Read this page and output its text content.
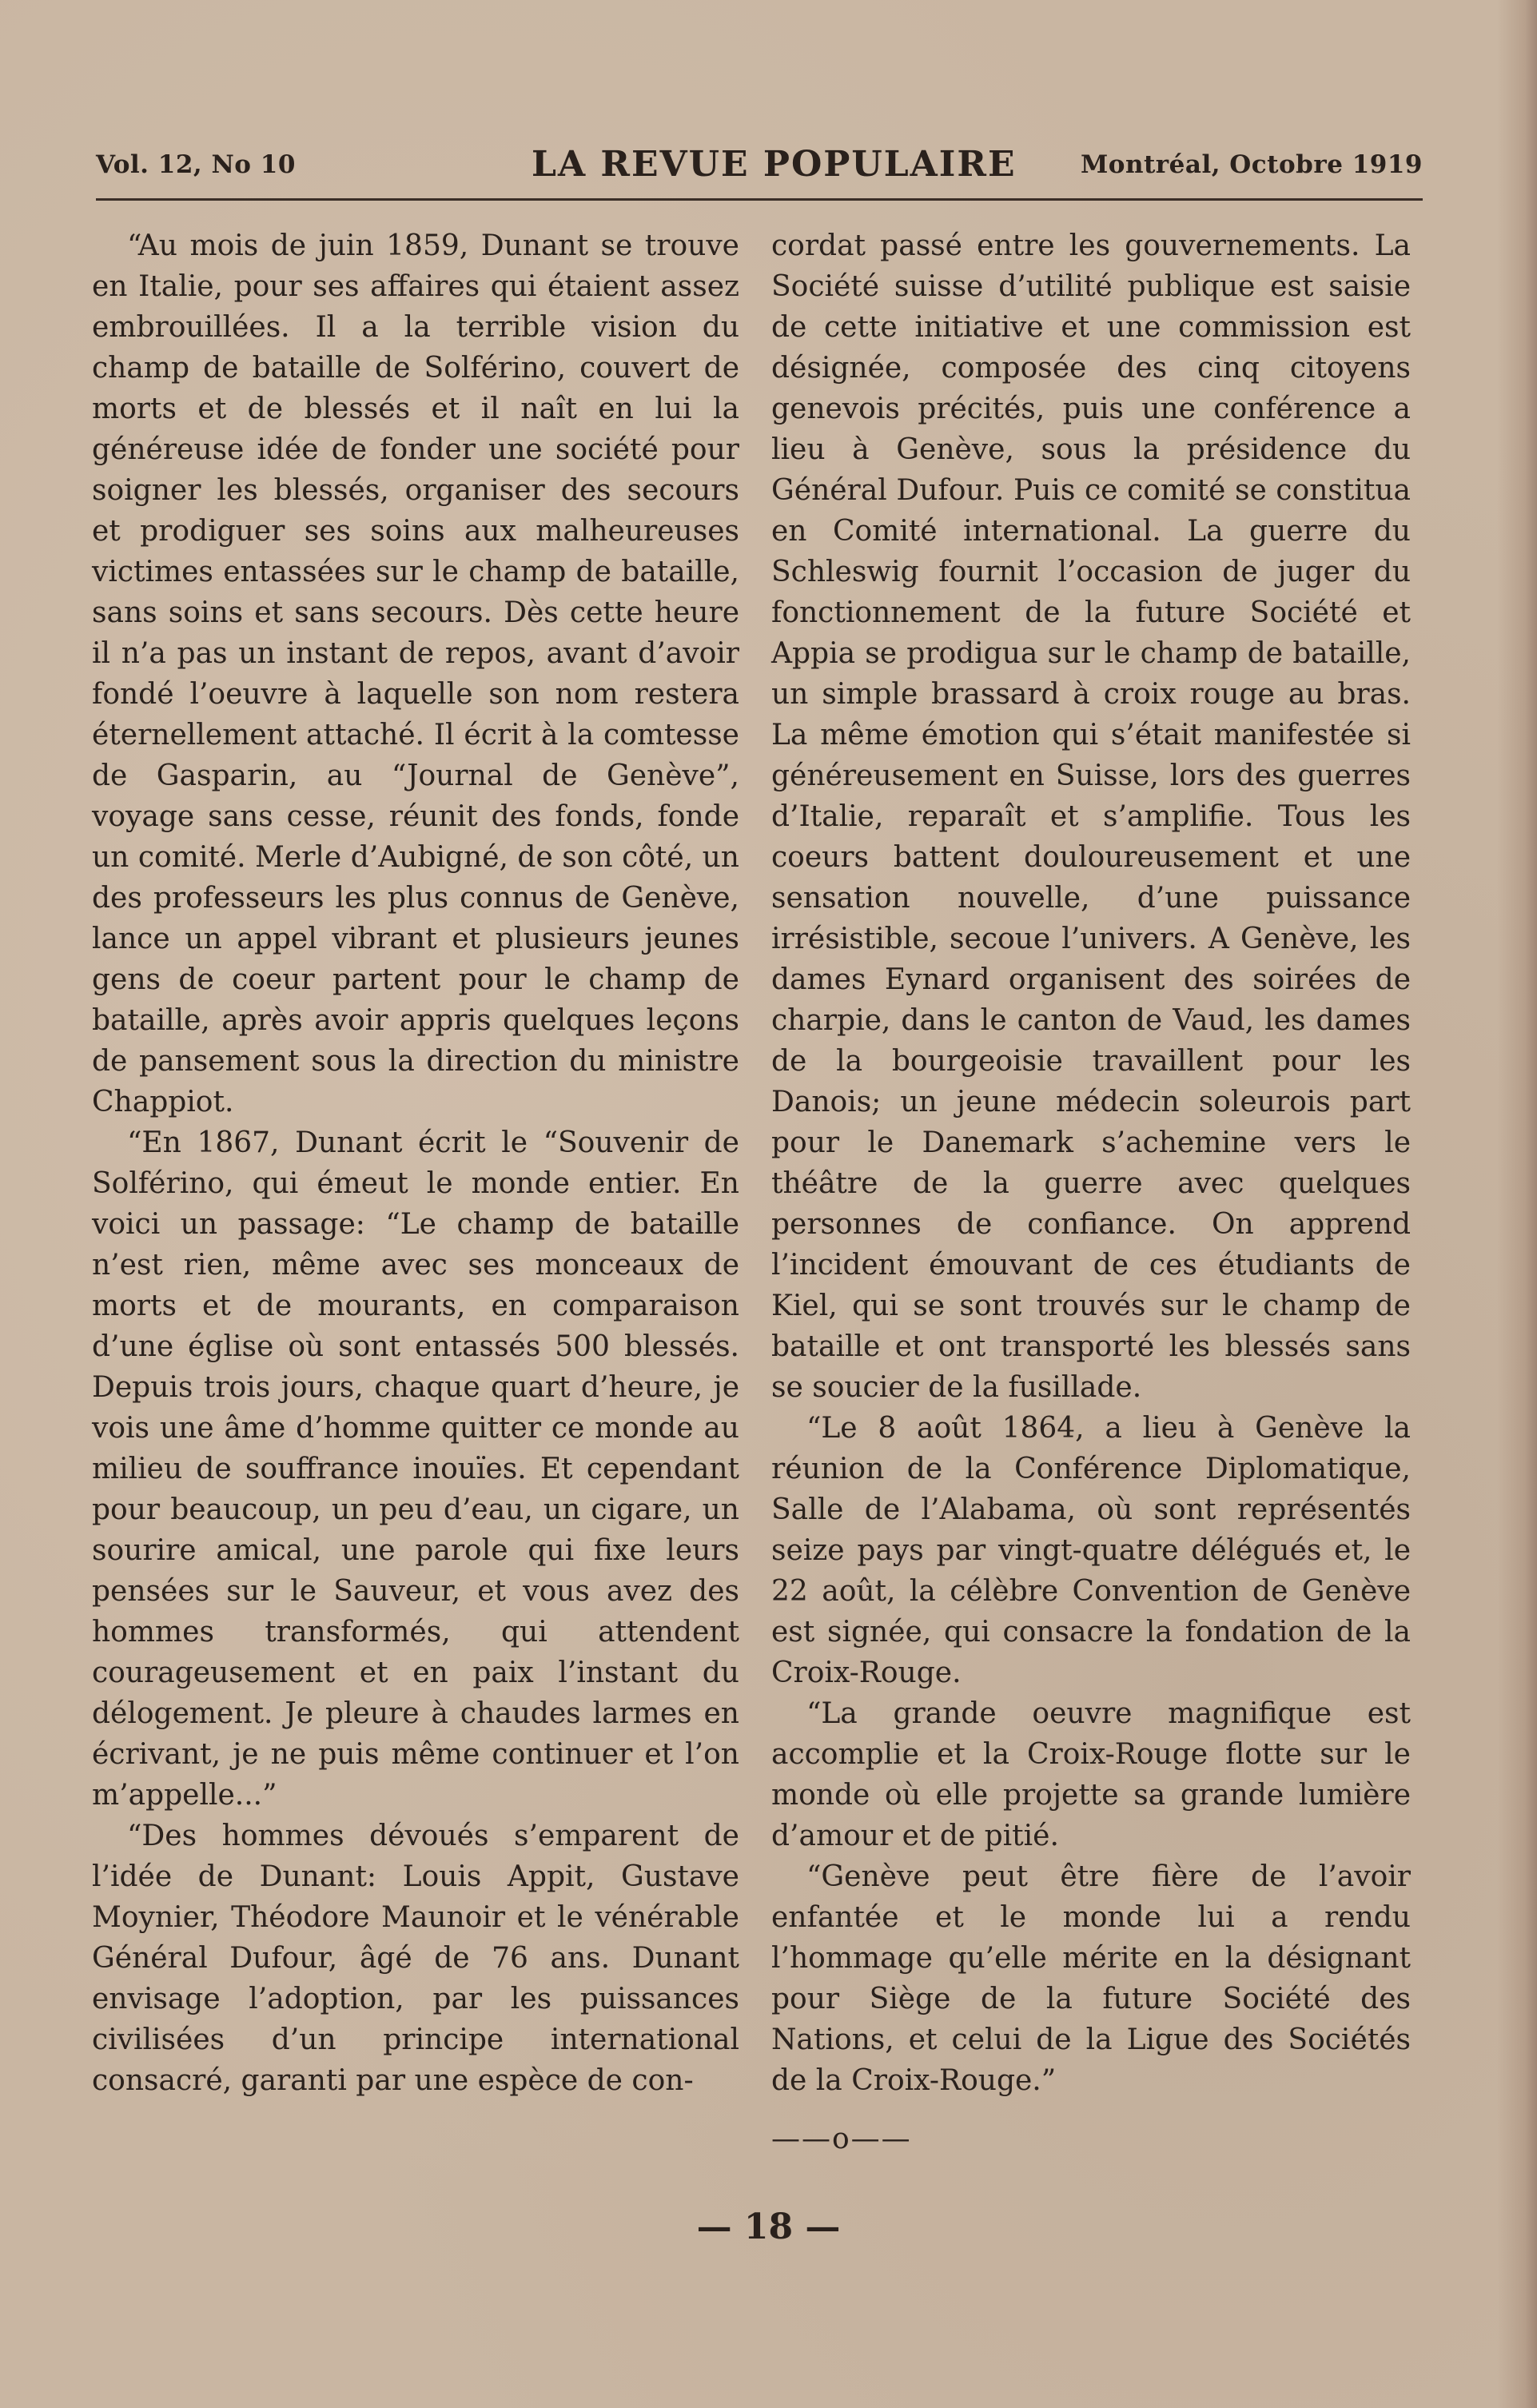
Vol. 12, No 10	LA REVUE POPULAIRE	Montréal, Octobre 1919

“Au mois de juin 1859, Dunant se trouve en Italie, pour ses affaires qui étaient assez embrouillées. Il a la terrible vision du champ de bataille de Solférino, couvert de morts et de blessés et il naît en lui la généreuse idée de fonder une société pour soigner les blessés, organiser des secours et prodiguer ses soins aux malheureuses victimes entassées sur le champ de bataille, sans soins et sans secours. Dès cette heure il n’a pas un instant de repos, avant d’avoir fondé l’oeuvre à laquelle son nom restera éternellement attaché. Il écrit à la comtesse de Gasparin, au “Journal de Genève”, voyage sans cesse, réunit des fonds, fonde un comité. Merle d’Aubigné, de son côté, un des professeurs les plus connus de Genève, lance un appel vibrant et plusieurs jeunes gens de coeur partent pour le champ de bataille, après avoir appris quelques leçons de pansement sous la direction du ministre Chappiot.

“En 1867, Dunant écrit le “Souvenir de Solférino, qui émeut le monde entier. En voici un passage: “Le champ de bataille n’est rien, même avec ses monceaux de morts et de mourants, en comparaison d’une église où sont entassés 500 blessés. Depuis trois jours, chaque quart d’heure, je vois une âme d’homme quitter ce monde au milieu de souffrance inouïes. Et cependant pour beaucoup, un peu d’eau, un cigare, un sourire amical, une parole qui fixe leurs pensées sur le Sauveur, et vous avez des hommes transformés, qui attendent courageusement et en paix l’instant du délogement. Je pleure à chaudes larmes en écrivant, je ne puis même continuer et l’on m’appelle...”

“Des hommes dévoués s’emparent de l’idée de Dunant: Louis Appit, Gustave Moynier, Théodore Maunoir et le vénérable Général Dufour, âgé de 76 ans. Dunant envisage l’adoption, par les puissances civilisées d’un principe international consacré, garanti par une espèce de con-

cordat passé entre les gouvernements. La Société suisse d’utilité publique est saisie de cette initiative et une commission est désignée, composée des cinq citoyens genevois précités, puis une conférence a lieu à Genève, sous la présidence du Général Dufour. Puis ce comité se constitua en Comité international. La guerre du Schleswig fournit l’occasion de juger du fonctionnement de la future Société et Appia se prodigua sur le champ de bataille, un simple brassard à croix rouge au bras. La même émotion qui s’était manifestée si généreusement en Suisse, lors des guerres d’Italie, reparaît et s’amplifie. Tous les coeurs battent douloureusement et une sensation nouvelle, d’une puissance irrésistible, secoue l’univers. A Genève, les dames Eynard organisent des soirées de charpie, dans le canton de Vaud, les dames de la bourgeoisie travaillent pour les Danois; un jeune médecin soleurois part pour le Danemark s’achemine vers le théâtre de la guerre avec quelques personnes de confiance. On apprend l’incident émouvant de ces étudiants de Kiel, qui se sont trouvés sur le champ de bataille et ont transporté les blessés sans se soucier de la fusillade.

“Le 8 août 1864, a lieu à Genève la réunion de la Conférence Diplomatique, Salle de l’Alabama, où sont représentés seize pays par vingt-quatre délégués et, le 22 août, la célèbre Convention de Genève est signée, qui consacre la fondation de la Croix-Rouge.

“La grande oeuvre magnifique est accomplie et la Croix-Rouge flotte sur le monde où elle projette sa grande lumière d’amour et de pitié.

“Genève peut être fière de l’avoir enfantée et le monde lui a rendu l’hommage qu’elle mérite en la désignant pour Siège de la future Société des Nations, et celui de la Ligue des Sociétés de la Croix-Rouge.”

——o——

— 18 —
